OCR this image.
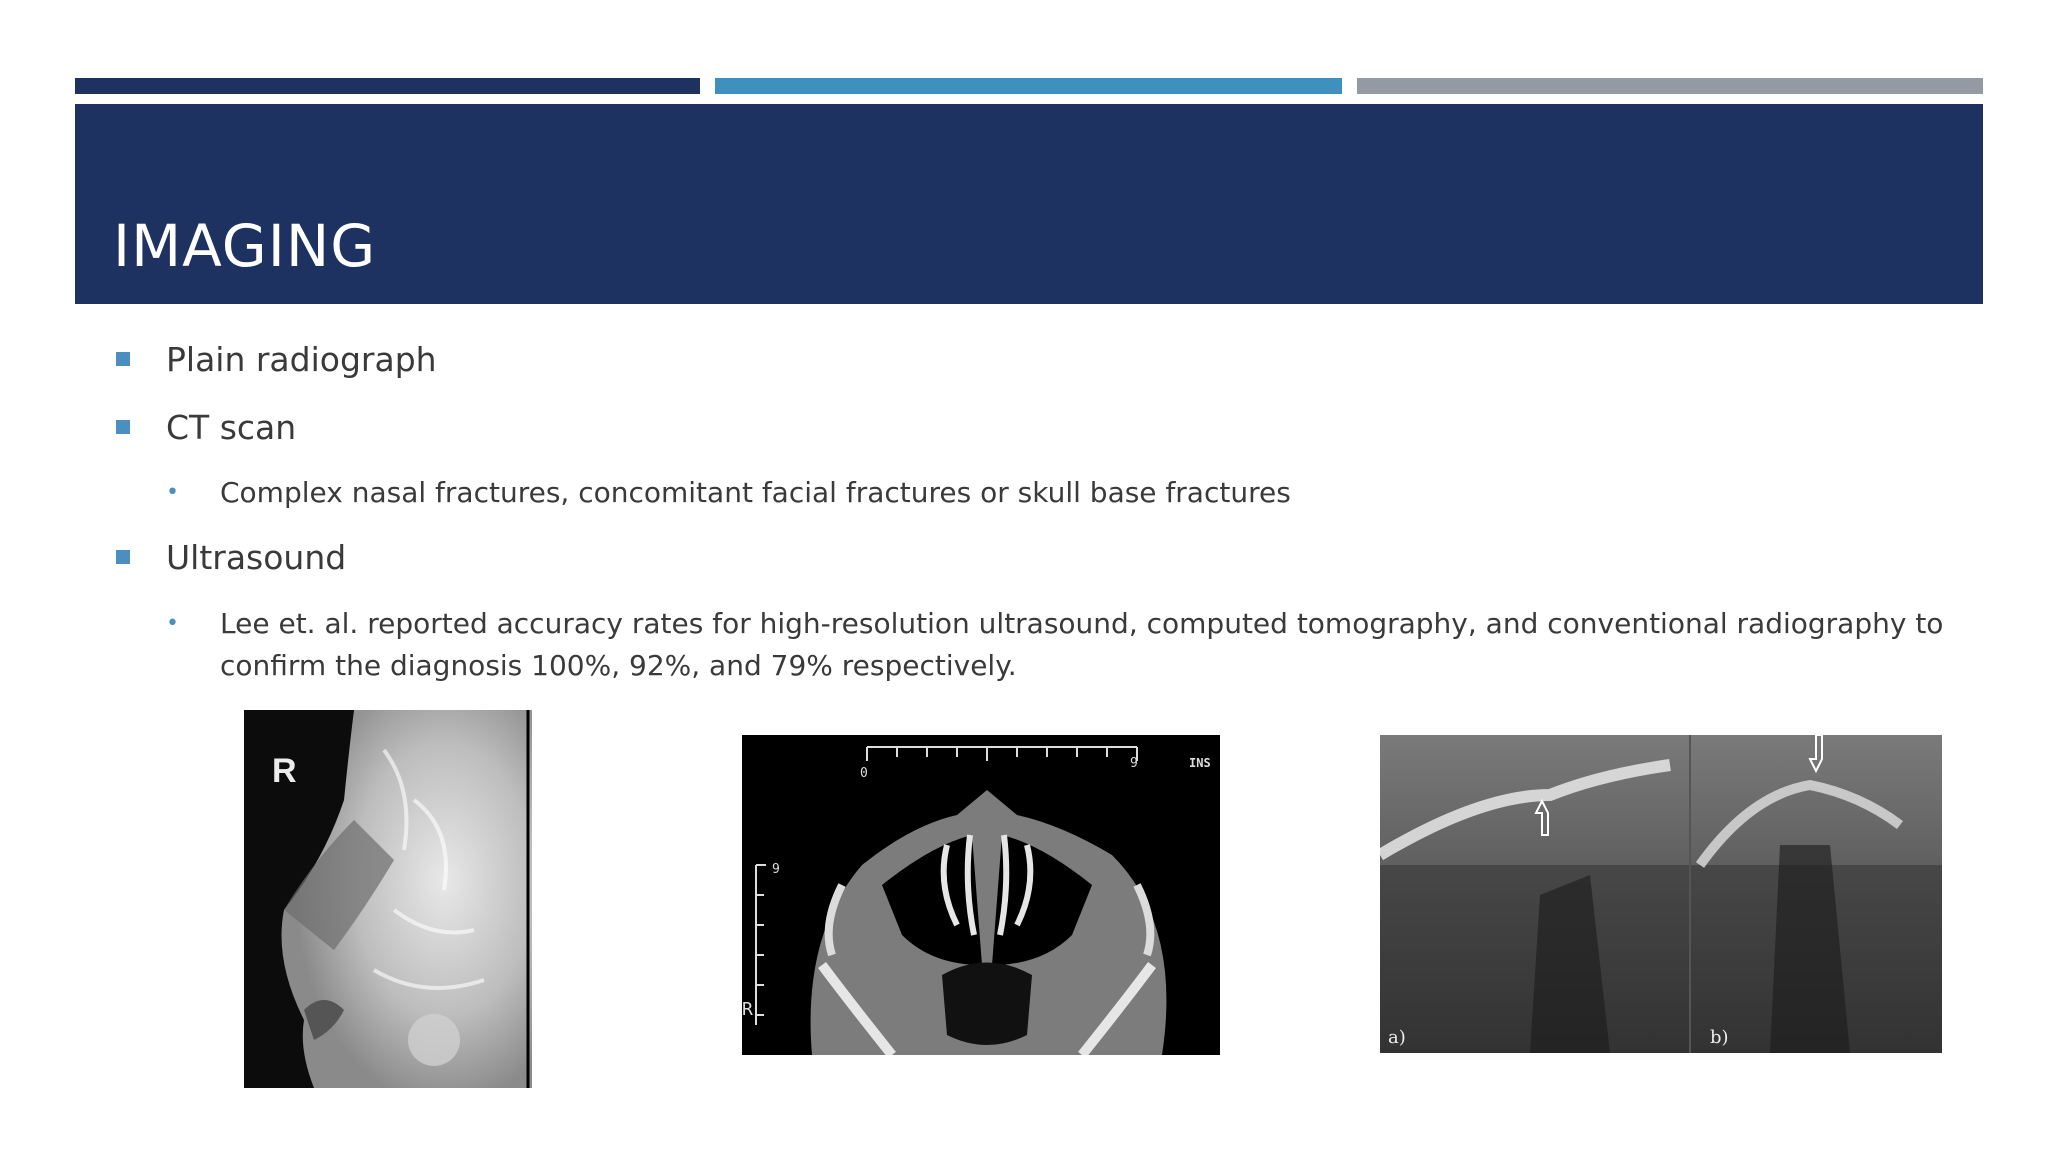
IMAGING
Plain radiograph
CT scan
• Complex nasal fractures, concomitant facial fractures or skull base fractures
Ultrasound
• Lee et. al. reported accuracy rates for high-resolution ultrasound, computed tomography, and conventional radiography to confirm the diagnosis 100%, 92%, and 79% respectively.
R	0
9	INS
9
R
a)	b)
